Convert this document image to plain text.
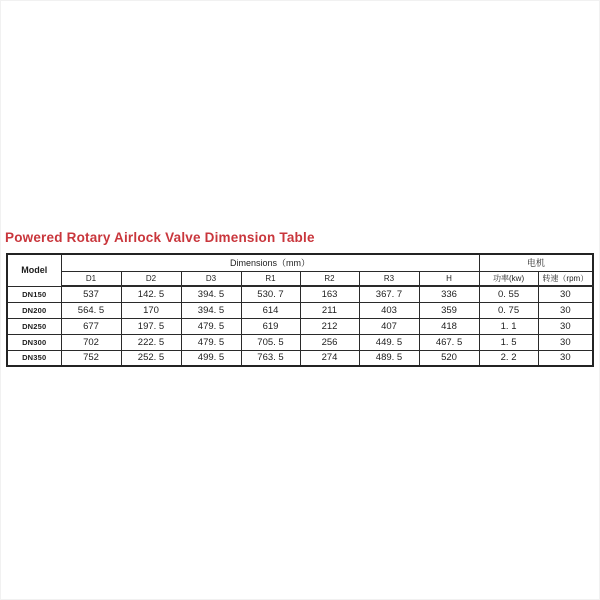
Powered Rotary Airlock Valve Dimension Table
Model	Dimensions（mm）							电机	
	D1	D2	D3	R1	R2	R3	H	功率(kw)	转速（rpm）
DN150	537	142. 5	394. 5	530. 7	163	367. 7	336	0. 55	30
DN200	564. 5	170	394. 5	614	211	403	359	0. 75	30
DN250	677	197. 5	479. 5	619	212	407	418	1. 1	30
DN300	702	222. 5	479. 5	705. 5	256	449. 5	467. 5	1. 5	30
DN350	752	252. 5	499. 5	763. 5	274	489. 5	520	2. 2	30
